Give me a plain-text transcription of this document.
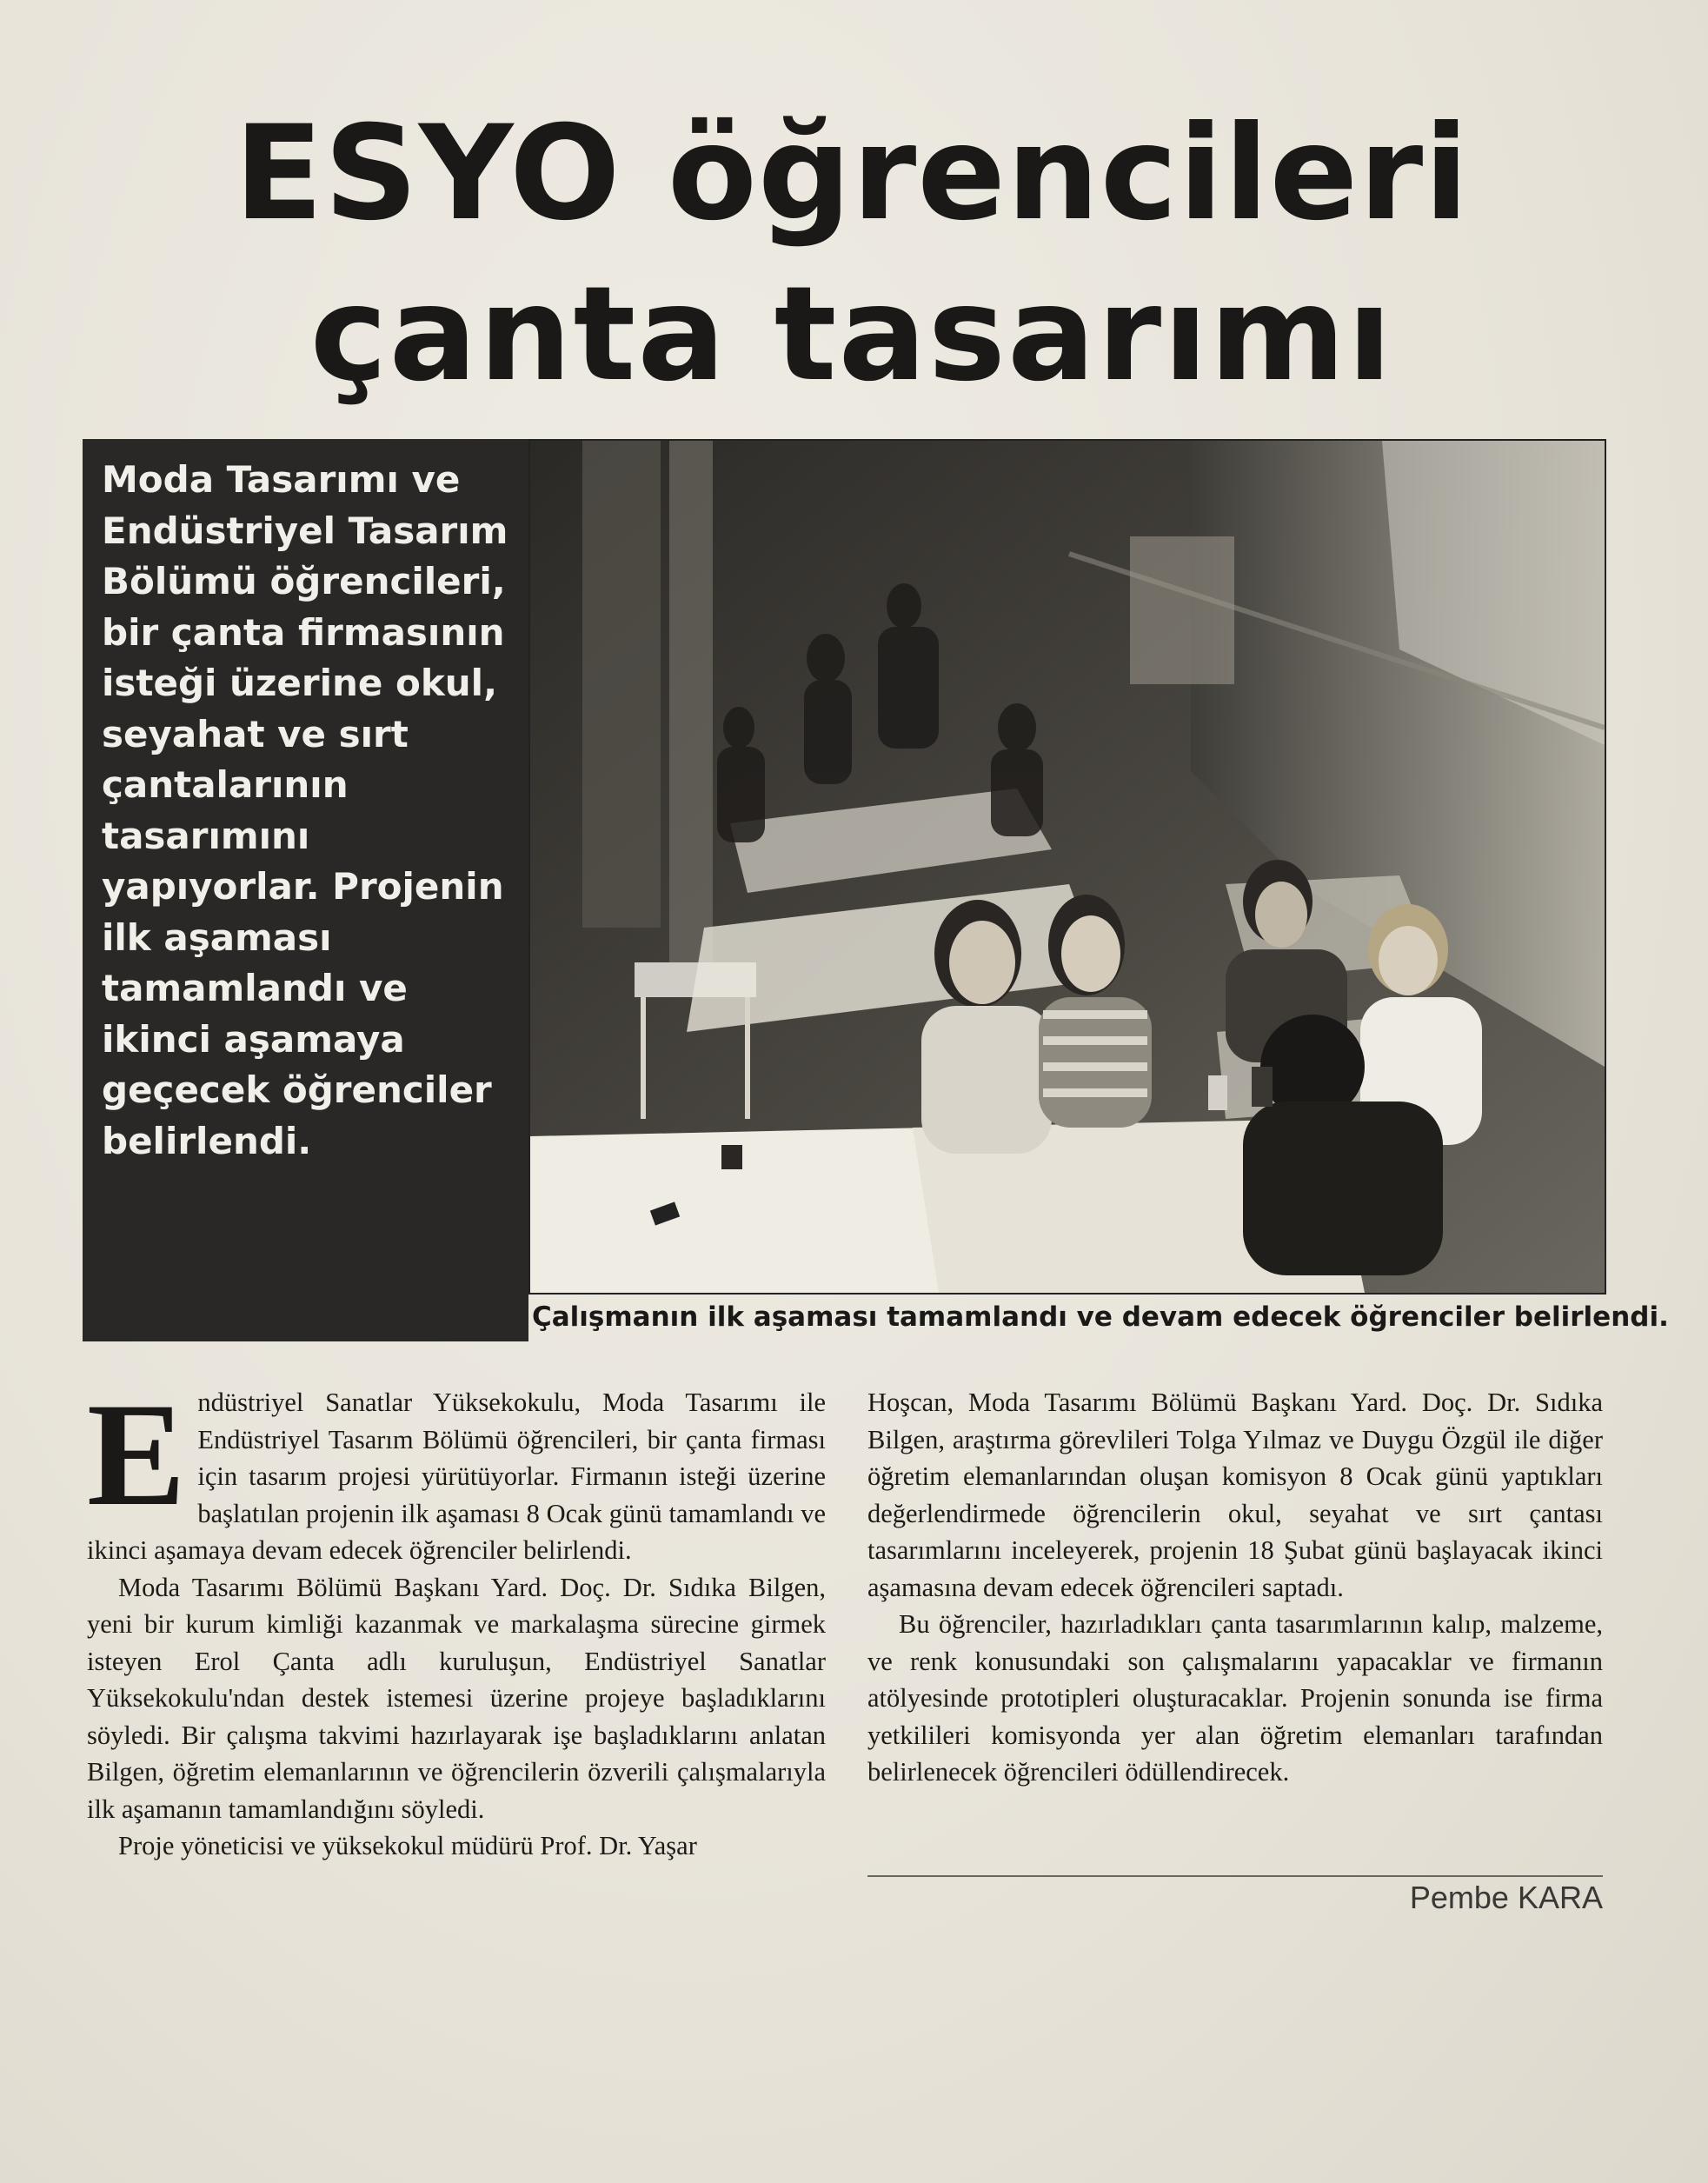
ESYO öğrencileri
çanta tasarımı

Moda Tasarımı ve Endüstriyel Tasarım Bölümü öğrencileri, bir çanta firmasının isteği üzerine okul, seyahat ve sırt çantalarının tasarımını yapıyorlar. Projenin ilk aşaması tamamlandı ve ikinci aşamaya geçecek öğrenciler belirlendi.

Çalışmanın ilk aşaması tamamlandı ve devam edecek öğrenciler belirlendi.

E ndüstriyel Sanatlar Yüksekokulu, Moda Tasarımı ile Endüstriyel Tasarım Bölümü öğrencileri, bir çanta firması için tasarım projesi yürütüyorlar. Firmanın isteği üzerine başlatılan projenin ilk aşaması 8 Ocak günü tamamlandı ve ikinci aşamaya devam edecek öğrenciler belirlendi.

Moda Tasarımı Bölümü Başkanı Yard. Doç. Dr. Sıdıka Bilgen, yeni bir kurum kimliği kazanmak ve markalaşma sürecine girmek isteyen Erol Çanta adlı kuruluşun, Endüstriyel Sanatlar Yüksekokulu'ndan destek istemesi üzerine projeye başladıklarını söyledi. Bir çalışma takvimi hazırlayarak işe başladıklarını anlatan Bilgen, öğretim elemanlarının ve öğrencilerin özverili çalışmalarıyla ilk aşamanın tamamlandığını söyledi.

Proje yöneticisi ve yüksekokul müdürü Prof. Dr. Yaşar

Hoşcan, Moda Tasarımı Bölümü Başkanı Yard. Doç. Dr. Sıdıka Bilgen, araştırma görevlileri Tolga Yılmaz ve Duygu Özgül ile diğer öğretim elemanlarından oluşan komisyon 8 Ocak günü yaptıkları değerlendirmede öğrencilerin okul, seyahat ve sırt çantası tasarımlarını inceleyerek, projenin 18 Şubat günü başlayacak ikinci aşamasına devam edecek öğrencileri saptadı.

Bu öğrenciler, hazırladıkları çanta tasarımlarının kalıp, malzeme, ve renk konusundaki son çalışmalarını yapacaklar ve firmanın atölyesinde prototipleri oluşturacaklar. Projenin sonunda ise firma yetkilileri komisyonda yer alan öğretim elemanları tarafından belirlenecek öğrencileri ödüllendirecek.

Pembe KARA
